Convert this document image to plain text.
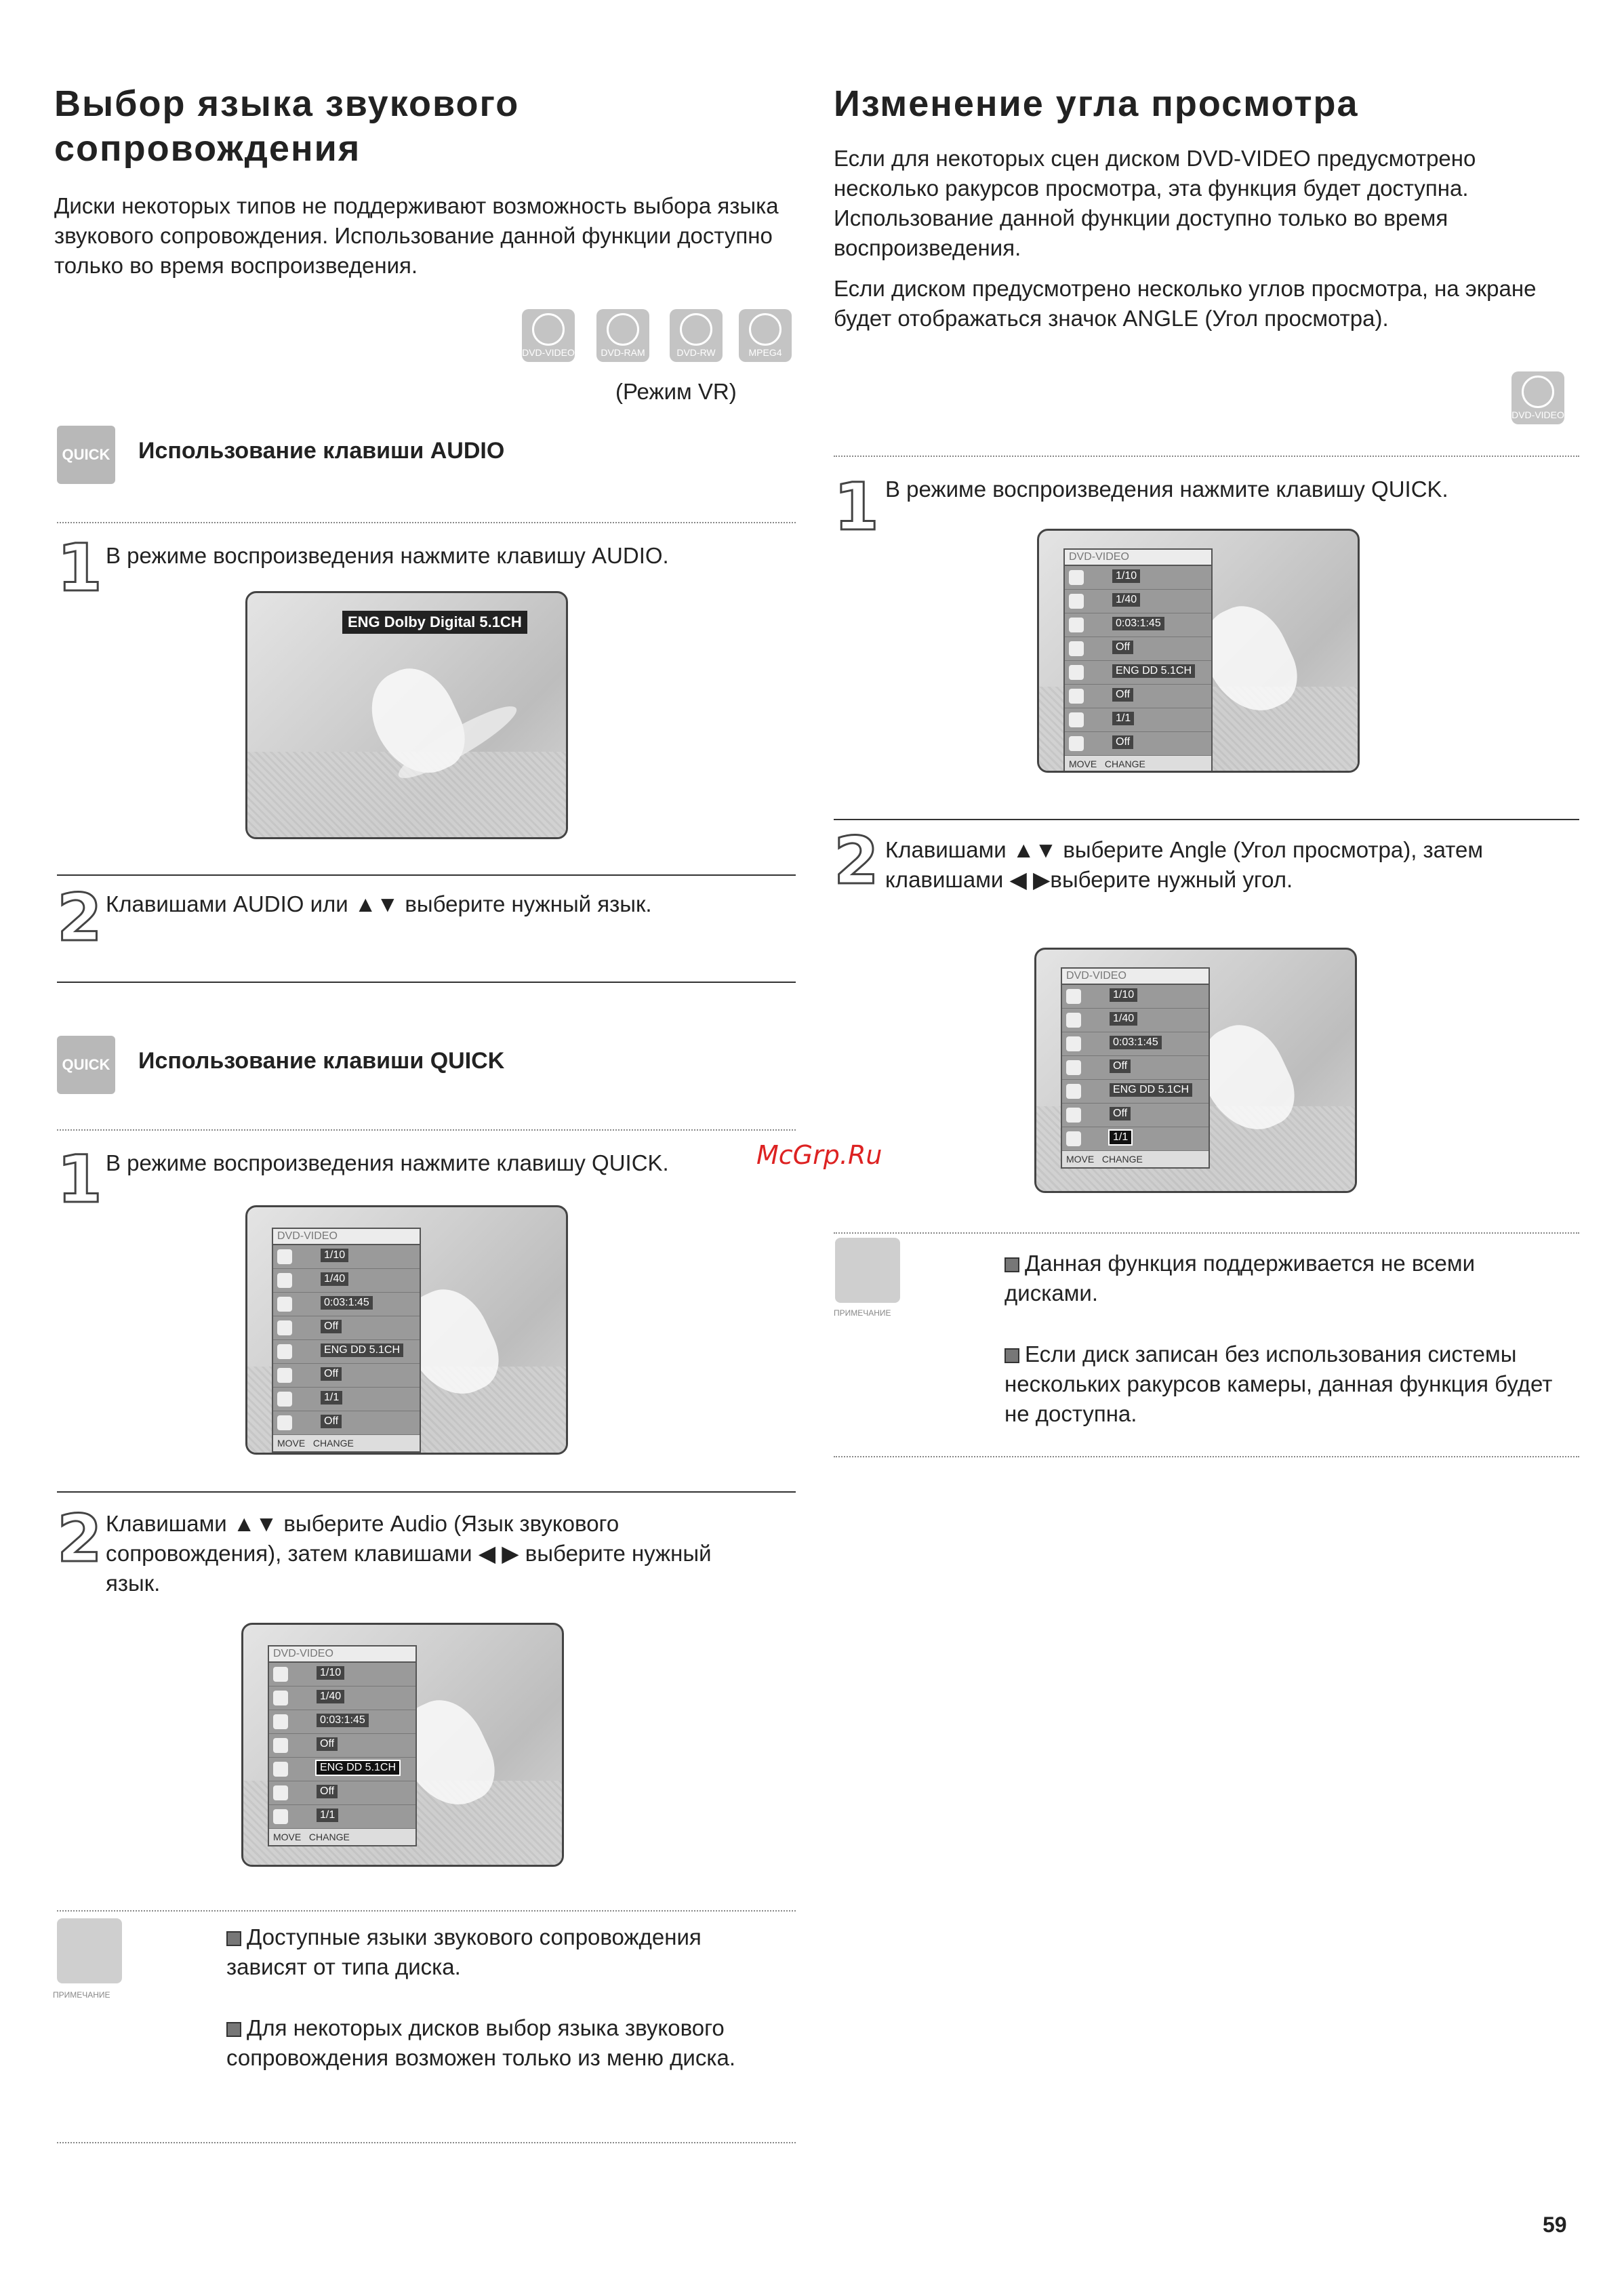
Выбор языка звукового сопровождения
Диски некоторых типов не поддерживают возможность выбора языка звукового сопровождения. Использование данной функции доступно только во время воспроизведения.
DVD-VIDEO	DVD-RAM	DVD-RW	MPEG4
(Режим VR)
QUICK Использование клавиши AUDIO
1 В режиме воспроизведения нажмите клавишу AUDIO.
ENG Dolby Digital 5.1CH
2 Клавишами AUDIO или ▲▼ выберите нужный язык.
QUICK Использование клавиши QUICK
1 В режиме воспроизведения нажмите клавишу QUICK.
DVD-VIDEO
1/10
1/40
0:03:1:45
Off
ENG DD 5.1CH
Off
1/1
Off
MOVE CHANGE
2 Клавишами ▲▼ выберите Audio (Язык звукового сопровождения), затем клавишами ◀ ▶ выберите нужный язык.
DVD-VIDEO
1/10
1/40
0:03:1:45
Off
ENG DD 5.1CH
Off
1/1
MOVE CHANGE
ПРИМЕЧАНИЕ
Доступные языки звукового сопровождения зависят от типа диска.
Для некоторых дисков выбор языка звукового сопровождения возможен только из меню диска.
Изменение угла просмотра
Если для некоторых сцен диском DVD-VIDEO предусмотрено несколько ракурсов просмотра, эта функция будет доступна. Использование данной функции доступно только во время воспроизведения.
Если диском предусмотрено несколько углов просмотра, на экране будет отображаться значок ANGLE (Угол просмотра).
DVD-VIDEO
1 В режиме воспроизведения нажмите клавишу QUICK.
DVD-VIDEO
1/10
1/40
0:03:1:45
Off
ENG DD 5.1CH
Off
1/1
Off
MOVE CHANGE
2 Клавишами ▲▼ выберите Angle (Угол просмотра), затем клавишами ◀ ▶выберите нужный угол.
DVD-VIDEO
1/10
1/40
0:03:1:45
Off
ENG DD 5.1CH
Off
1/1
MOVE CHANGE
ПРИМЕЧАНИЕ
Данная функция поддерживается не всеми дисками.
Если диск записан без использования системы нескольких ракурсов камеры, данная функция будет не доступна.
McGrp.Ru
59
